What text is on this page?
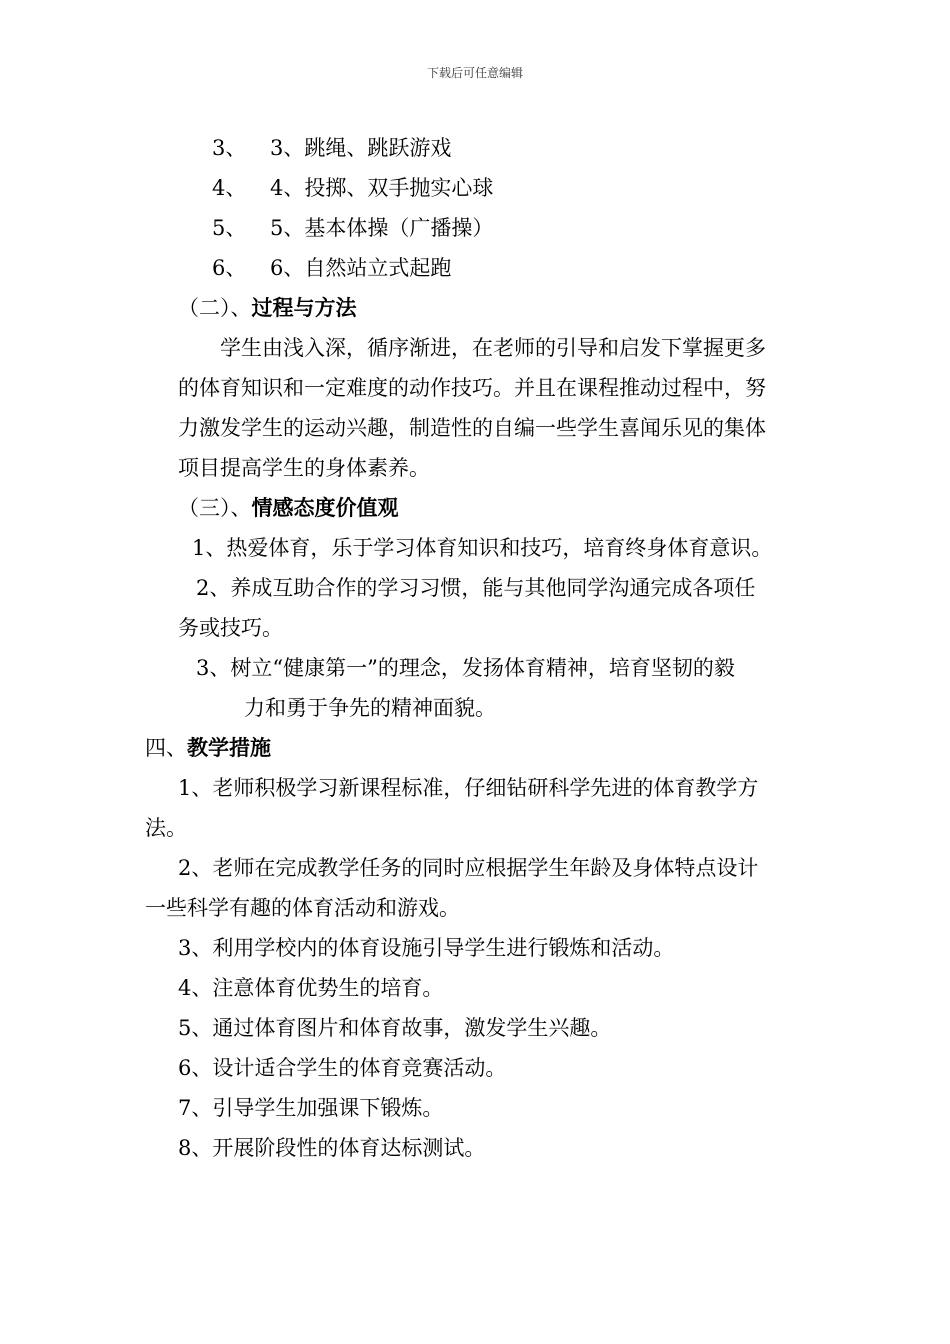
下载后可任意编辑
3、 3、跳绳、跳跃游戏
4、 4、投掷、双手抛实心球
5、 5、基本体操（广播操）
6、 6、自然站立式起跑
（二）、过程与方法
学生由浅入深，循序渐进，在老师的引导和启发下掌握更多
的体育知识和一定难度的动作技巧。并且在课程推动过程中，努
力激发学生的运动兴趣，制造性的自编一些学生喜闻乐见的集体
项目提高学生的身体素养。
（三）、情感态度价值观
1、热爱体育，乐于学习体育知识和技巧，培育终身体育意识。
2、养成互助合作的学习习惯，能与其他同学沟通完成各项任
务或技巧。
3、树立“健康第一”的理念，发扬体育精神，培育坚韧的毅
力和勇于争先的精神面貌。
四、教学措施
1、老师积极学习新课程标准，仔细钻研科学先进的体育教学方
法。
2、老师在完成教学任务的同时应根据学生年龄及身体特点设计
一些科学有趣的体育活动和游戏。
3、利用学校内的体育设施引导学生进行锻炼和活动。
4、注意体育优势生的培育。
5、通过体育图片和体育故事，激发学生兴趣。
6、设计适合学生的体育竞赛活动。
7、引导学生加强课下锻炼。
8、开展阶段性的体育达标测试。
